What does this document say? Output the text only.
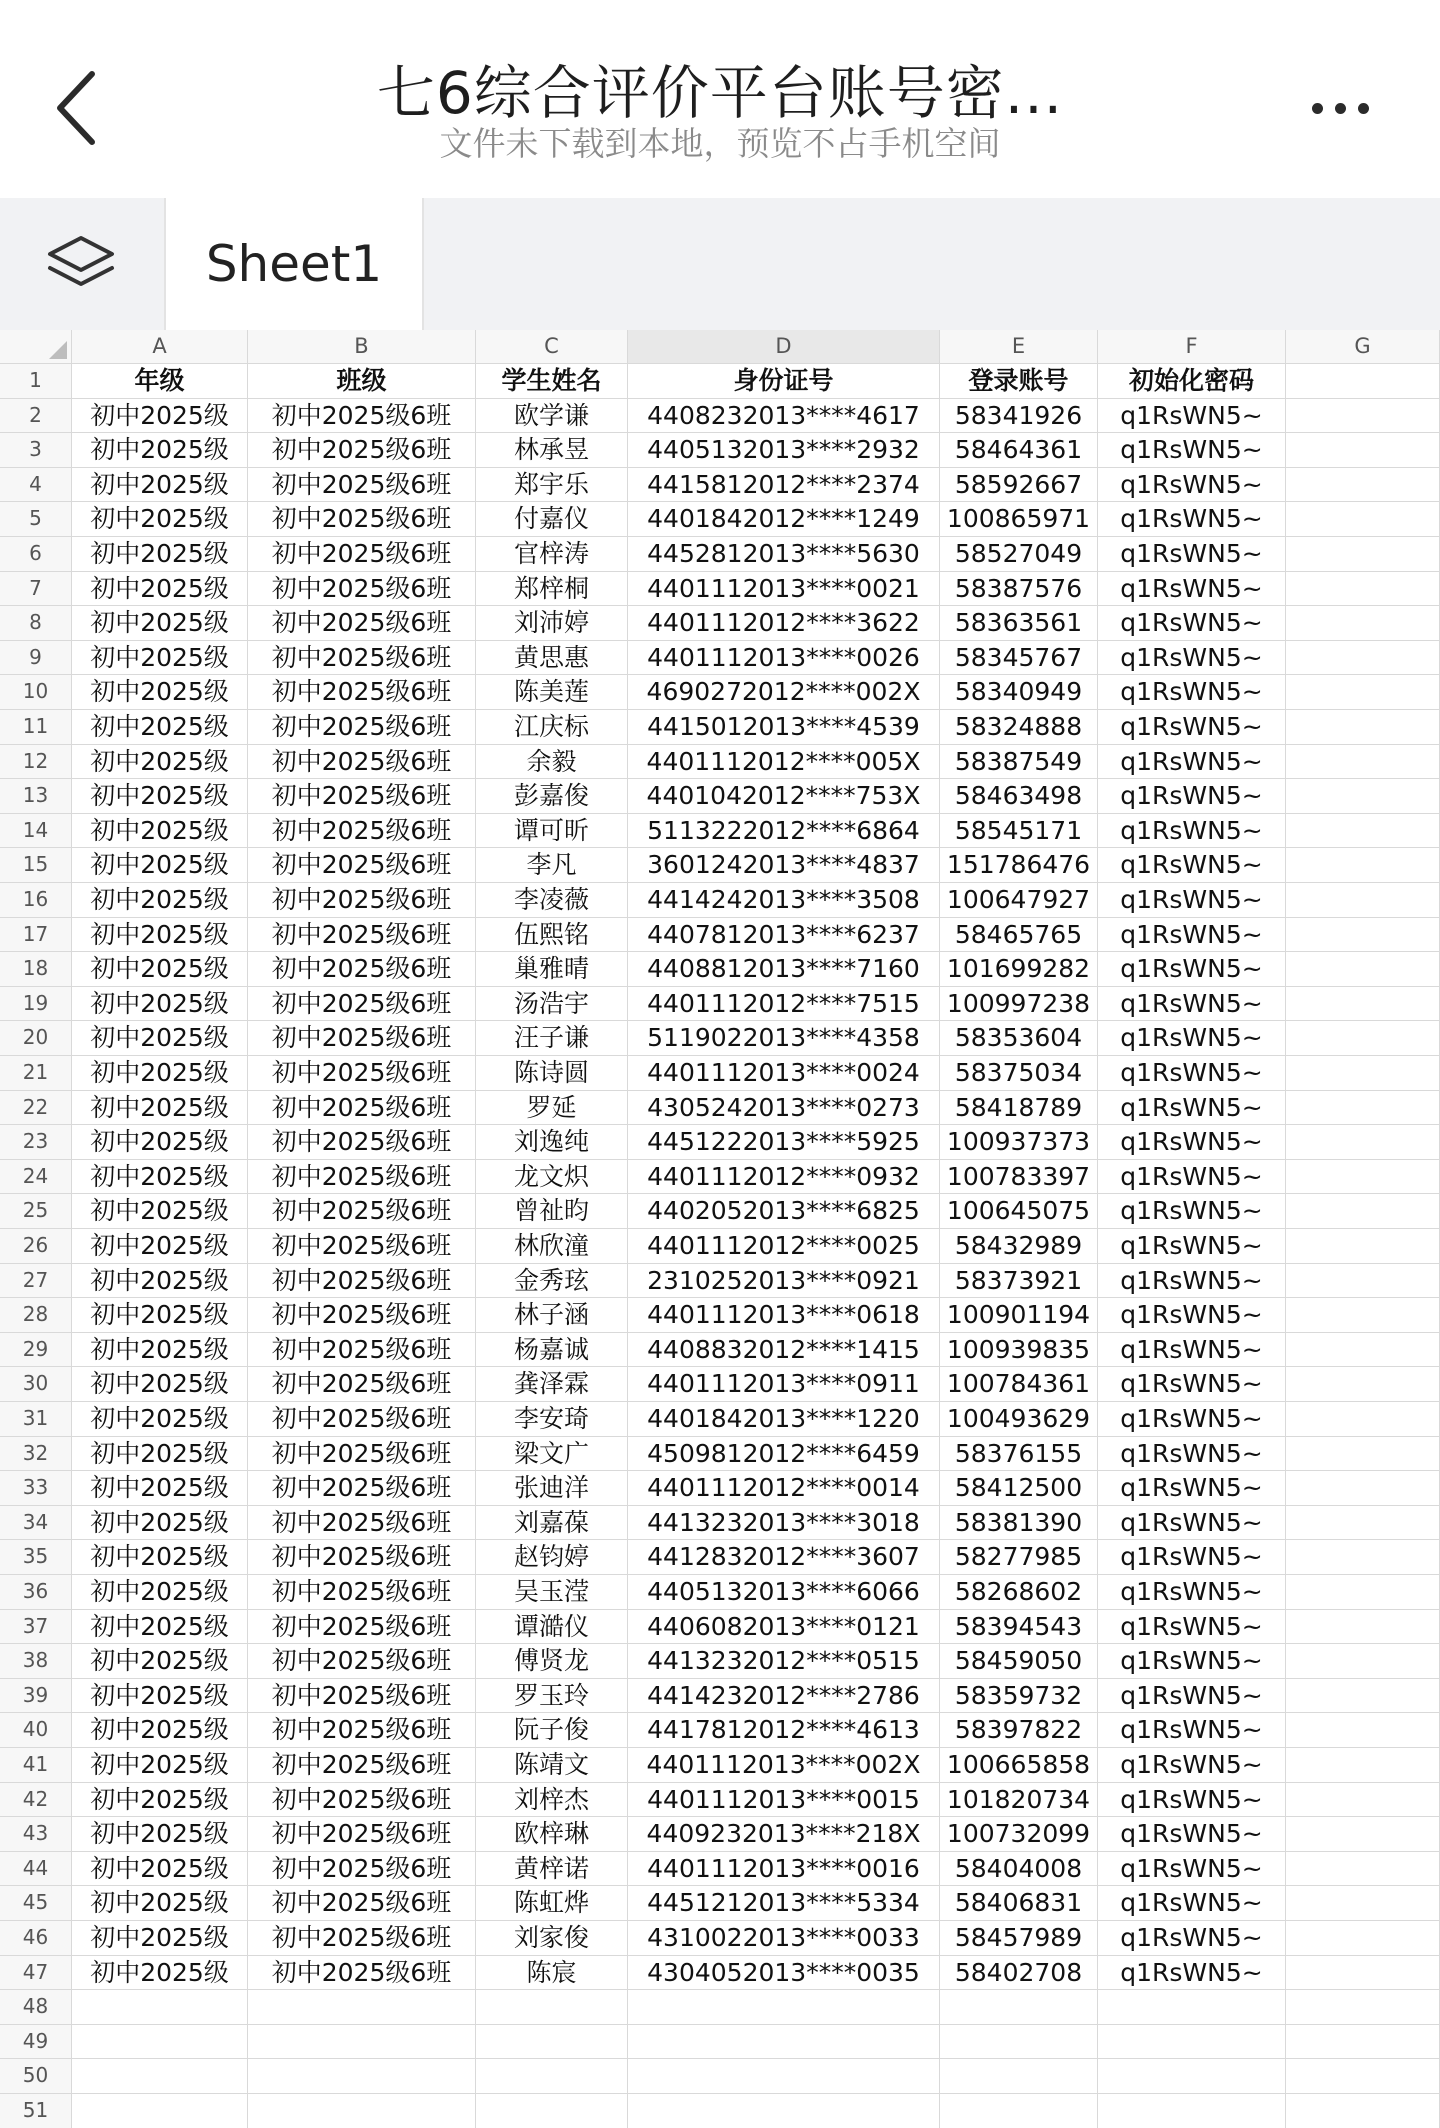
七6综合评价平台账号密...
文件未下载到本地，预览不占手机空间
Sheet1
A	B	C	D	E	F	G
1	年级	班级	学生姓名	身份证号	登录账号	初始化密码
2	初中2025级	初中2025级6班	欧学谦	4408232013****4617	58341926	q1RsWN5~
3	初中2025级	初中2025级6班	林承昱	4405132013****2932	58464361	q1RsWN5~
4	初中2025级	初中2025级6班	郑宇乐	4415812012****2374	58592667	q1RsWN5~
5	初中2025级	初中2025级6班	付嘉仪	4401842012****1249	100865971	q1RsWN5~
6	初中2025级	初中2025级6班	官梓涛	4452812013****5630	58527049	q1RsWN5~
7	初中2025级	初中2025级6班	郑梓桐	4401112013****0021	58387576	q1RsWN5~
8	初中2025级	初中2025级6班	刘沛婷	4401112012****3622	58363561	q1RsWN5~
9	初中2025级	初中2025级6班	黄思惠	4401112013****0026	58345767	q1RsWN5~
10	初中2025级	初中2025级6班	陈美莲	4690272012****002X	58340949	q1RsWN5~
11	初中2025级	初中2025级6班	江庆标	4415012013****4539	58324888	q1RsWN5~
12	初中2025级	初中2025级6班	余毅	4401112012****005X	58387549	q1RsWN5~
13	初中2025级	初中2025级6班	彭嘉俊	4401042012****753X	58463498	q1RsWN5~
14	初中2025级	初中2025级6班	谭可昕	5113222012****6864	58545171	q1RsWN5~
15	初中2025级	初中2025级6班	李凡	3601242013****4837	151786476	q1RsWN5~
16	初中2025级	初中2025级6班	李凌薇	4414242013****3508	100647927	q1RsWN5~
17	初中2025级	初中2025级6班	伍熙铭	4407812013****6237	58465765	q1RsWN5~
18	初中2025级	初中2025级6班	巢雅晴	4408812013****7160	101699282	q1RsWN5~
19	初中2025级	初中2025级6班	汤浩宇	4401112012****7515	100997238	q1RsWN5~
20	初中2025级	初中2025级6班	汪子谦	5119022013****4358	58353604	q1RsWN5~
21	初中2025级	初中2025级6班	陈诗圆	4401112013****0024	58375034	q1RsWN5~
22	初中2025级	初中2025级6班	罗延	4305242013****0273	58418789	q1RsWN5~
23	初中2025级	初中2025级6班	刘逸纯	4451222013****5925	100937373	q1RsWN5~
24	初中2025级	初中2025级6班	龙文炽	4401112012****0932	100783397	q1RsWN5~
25	初中2025级	初中2025级6班	曾祉昀	4402052013****6825	100645075	q1RsWN5~
26	初中2025级	初中2025级6班	林欣潼	4401112012****0025	58432989	q1RsWN5~
27	初中2025级	初中2025级6班	金秀玹	2310252013****0921	58373921	q1RsWN5~
28	初中2025级	初中2025级6班	林子涵	4401112013****0618	100901194	q1RsWN5~
29	初中2025级	初中2025级6班	杨嘉诚	4408832012****1415	100939835	q1RsWN5~
30	初中2025级	初中2025级6班	龚泽霖	4401112013****0911	100784361	q1RsWN5~
31	初中2025级	初中2025级6班	李安琦	4401842013****1220	100493629	q1RsWN5~
32	初中2025级	初中2025级6班	梁文广	4509812012****6459	58376155	q1RsWN5~
33	初中2025级	初中2025级6班	张迪洋	4401112012****0014	58412500	q1RsWN5~
34	初中2025级	初中2025级6班	刘嘉葆	4413232013****3018	58381390	q1RsWN5~
35	初中2025级	初中2025级6班	赵钧婷	4412832012****3607	58277985	q1RsWN5~
36	初中2025级	初中2025级6班	吴玉滢	4405132013****6066	58268602	q1RsWN5~
37	初中2025级	初中2025级6班	谭澔仪	4406082013****0121	58394543	q1RsWN5~
38	初中2025级	初中2025级6班	傅贤龙	4413232012****0515	58459050	q1RsWN5~
39	初中2025级	初中2025级6班	罗玉玲	4414232012****2786	58359732	q1RsWN5~
40	初中2025级	初中2025级6班	阮子俊	4417812012****4613	58397822	q1RsWN5~
41	初中2025级	初中2025级6班	陈靖文	4401112013****002X	100665858	q1RsWN5~
42	初中2025级	初中2025级6班	刘梓杰	4401112013****0015	101820734	q1RsWN5~
43	初中2025级	初中2025级6班	欧梓琳	4409232013****218X	100732099	q1RsWN5~
44	初中2025级	初中2025级6班	黄梓诺	4401112013****0016	58404008	q1RsWN5~
45	初中2025级	初中2025级6班	陈虹烨	4451212013****5334	58406831	q1RsWN5~
46	初中2025级	初中2025级6班	刘家俊	4310022013****0033	58457989	q1RsWN5~
47	初中2025级	初中2025级6班	陈宸	4304052013****0035	58402708	q1RsWN5~
48
49
50
51
